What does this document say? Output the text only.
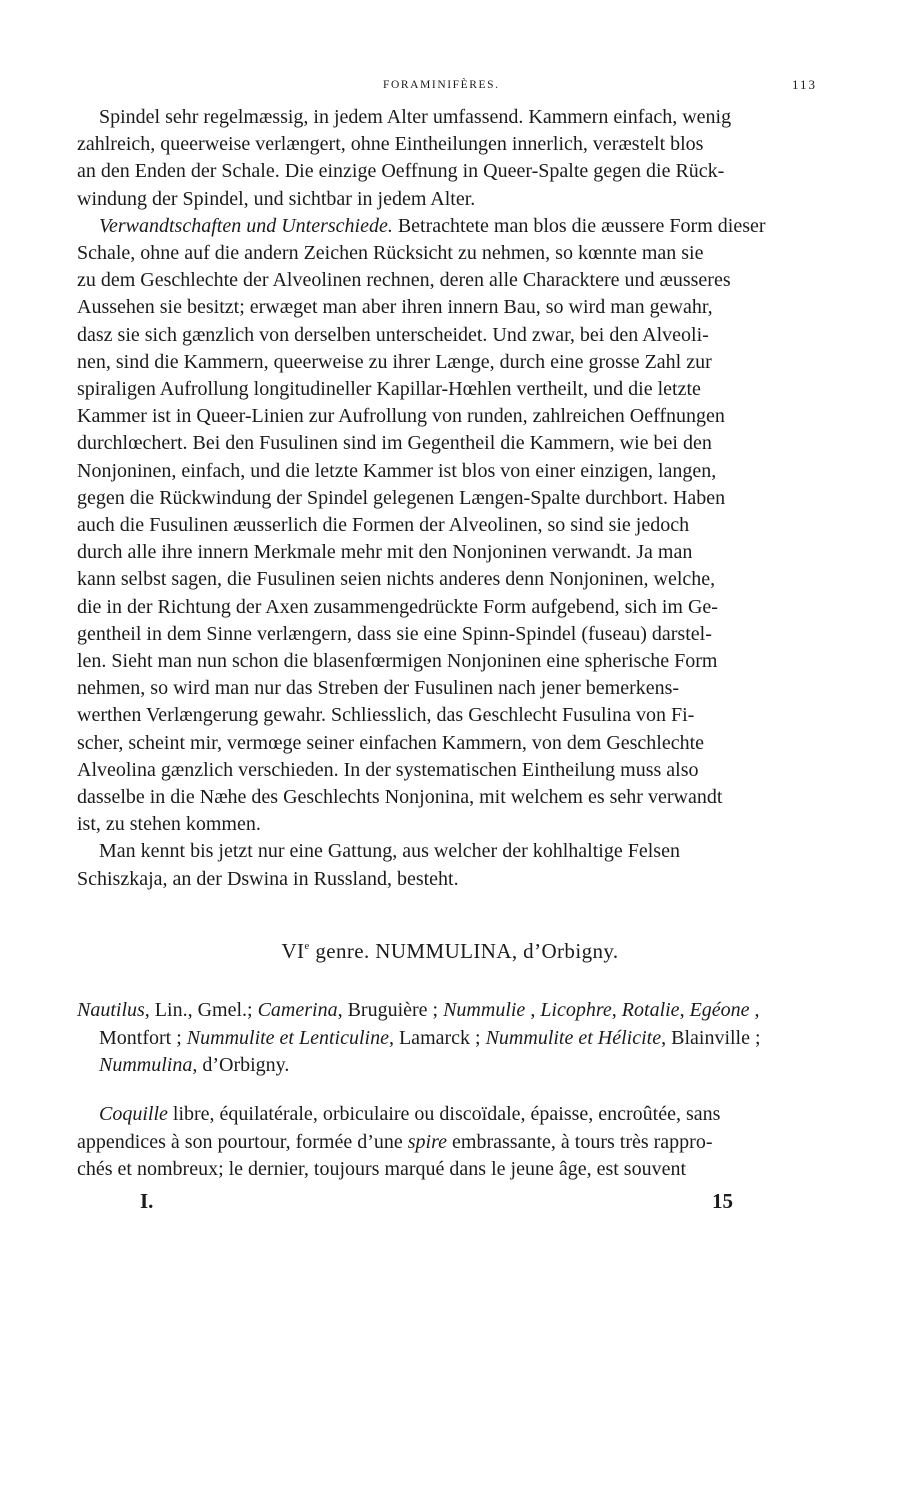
FORAMINIFÈRES.	113
Spindel sehr regelmæssig, in jedem Alter umfassend. Kammern einfach, wenig
zahlreich, queerweise verlængert, ohne Eintheilungen innerlich, veræstelt blos
an den Enden der Schale. Die einzige Oeffnung in Queer-Spalte gegen die Rück-
windung der Spindel, und sichtbar in jedem Alter.
Verwandtschaften und Unterschiede.
Betrachtete man blos die æussere Form dieser
Schale, ohne auf die andern Zeichen Rücksicht zu nehmen, so kœnnte man sie
zu dem Geschlechte der Alveolinen rechnen, deren alle Characktere und æusseres
Aussehen sie besitzt; erwæget man aber ihren innern Bau, so wird man gewahr,
dasz sie sich gænzlich von derselben unterscheidet. Und zwar, bei den Alveoli-
nen, sind die Kammern, queerweise zu ihrer Længe, durch eine grosse Zahl zur
spiraligen Aufrollung longitudineller Kapillar-Hœhlen vertheilt, und die letzte
Kammer ist in Queer-Linien zur Aufrollung von runden, zahlreichen Oeffnungen
durchlœchert. Bei den Fusulinen sind im Gegentheil die Kammern, wie bei den
Nonjoninen, einfach, und die letzte Kammer ist blos von einer einzigen, langen,
gegen die Rückwindung der Spindel gelegenen Længen-Spalte durchbort. Haben
auch die Fusulinen æusserlich die Formen der Alveolinen, so sind sie jedoch
durch alle ihre innern Merkmale mehr mit den Nonjoninen verwandt. Ja man
kann selbst sagen, die Fusulinen seien nichts anderes denn Nonjoninen, welche,
die in der Richtung der Axen zusammengedrückte Form aufgebend, sich im Ge-
gentheil in dem Sinne verlængern, dass sie eine Spinn-Spindel (fuseau) darstel-
len. Sieht man nun schon die blasenfœrmigen Nonjoninen eine spherische Form
nehmen, so wird man nur das Streben der Fusulinen nach jener bemerkens-
werthen Verlængerung gewahr. Schliesslich, das Geschlecht Fusulina von Fi-
scher, scheint mir, vermœge seiner einfachen Kammern, von dem Geschlechte
Alveolina gænzlich verschieden. In der systematischen Eintheilung muss also
dasselbe in die Næhe des Geschlechts Nonjonina, mit welchem es sehr verwandt
ist, zu stehen kommen.
Man kennt bis jetzt nur eine Gattung, aus welcher der kohlhaltige Felsen
Schiszkaja, an der Dswina in Russland, besteht.
VIe genre. NUMMULINA, d’Orbigny.
Nautilus, Lin., Gmel.; Camerina, Bruguière ; Nummulie , Licophre, Rotalie, Egéone ,
Montfort ; Nummulite et Lenticuline, Lamarck ; Nummulite et Hélicite, Blainville ;
Nummulina, d’Orbigny.
Coquille libre, équilatérale, orbiculaire ou discoïdale, épaisse, encroûtée, sans
appendices à son pourtour, formée d’une spire embrassante, à tours très rappro-
chés et nombreux; le dernier, toujours marqué dans le jeune âge, est souvent
I.	15
